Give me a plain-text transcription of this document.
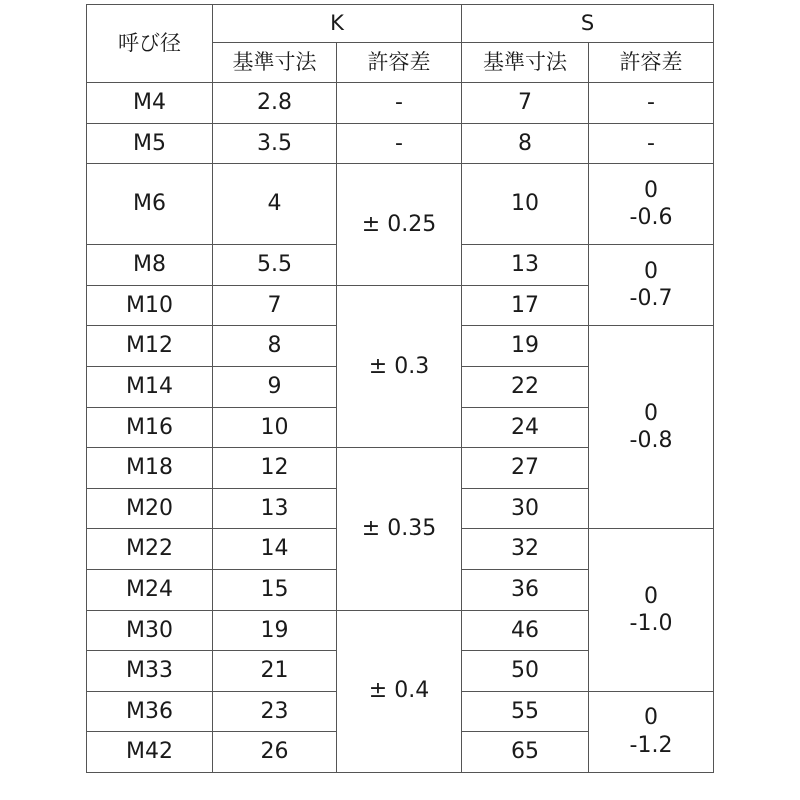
呼び径	K		S	
	基準寸法	許容差	基準寸法	許容差
M4	2.8	-	7	-
M5	3.5	-	8	-
M6	4	± 0.25	10	0
-0.6

M8	5.5		13	0
-0.7

M10	7	± 0.3	17	
M12	8		19	0
-0.8

M14	9		22	
M16	10		24	
M18	12	± 0.35	27	
M20	13		30	
M22	14		32	0
-1.0

M24	15		36	
M30	19	± 0.4	46	
M33	21		50	
M36	23		55	0
-1.2

M42	26		65	
